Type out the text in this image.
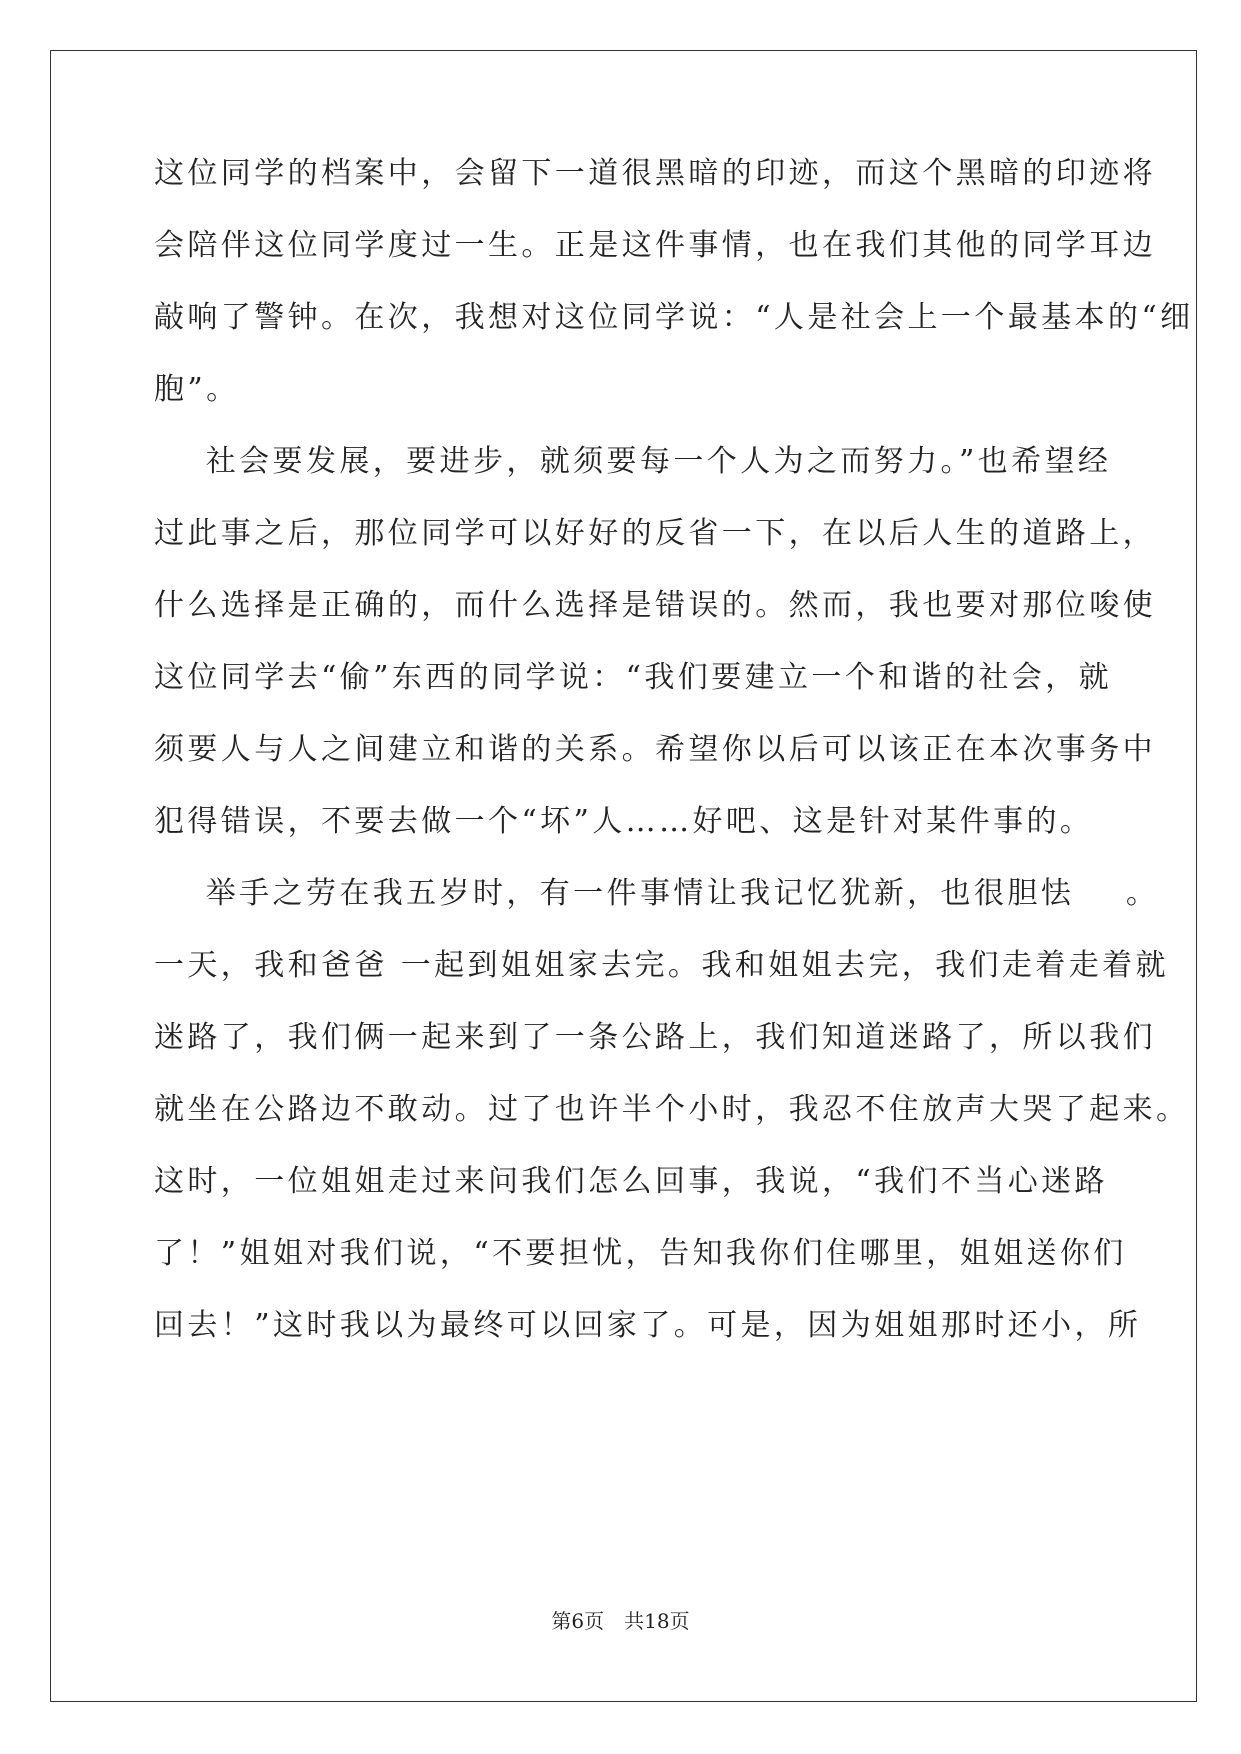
这位同学的档案中，会留下一道很黑暗的印迹，而这个黑暗的印迹将
会陪伴这位同学度过一生。正是这件事情，也在我们其他的同学耳边
敲响了警钟。在次，我想对这位同学说：“人是社会上一个最基本的“细
胞”。
社会要发展，要进步，就须要每一个人为之而努力。”也希望经
过此事之后，那位同学可以好好的反省一下，在以后人生的道路上，
什么选择是正确的，而什么选择是错误的。然而，我也要对那位唆使
这位同学去“偷”东西的同学说：“我们要建立一个和谐的社会，就
须要人与人之间建立和谐的关系。希望你以后可以该正在本次事务中
犯得错误，不要去做一个“坏”人……好吧、这是针对某件事的。
举手之劳在我五岁时，有一件事情让我记忆犹新，也很胆怯    。
一天，我和爸爸 一起到姐姐家去完。我和姐姐去完，我们走着走着就
迷路了，我们俩一起来到了一条公路上，我们知道迷路了，所以我们
就坐在公路边不敢动。过了也许半个小时，我忍不住放声大哭了起来。
这时，一位姐姐走过来问我们怎么回事，我说，“我们不当心迷路
了！”姐姐对我们说，“不要担忧，告知我你们住哪里，姐姐送你们
回去！”这时我以为最终可以回家了。可是，因为姐姐那时还小，所
第6页　共18页
